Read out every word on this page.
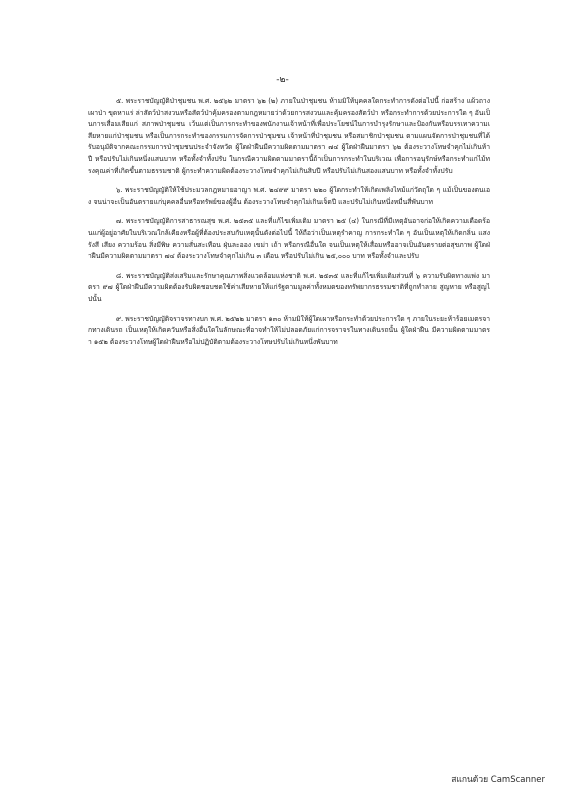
-๒-

๕. พระราชบัญญัติป่าชุมชน พ.ศ. ๒๕๖๒ มาตรา ๖๒ (๒) ภายในป่าชุมชน ห้ามมิให้บุคคลใดกระทำการดังต่อไปนี้ ก่อสร้าง แผ้วถาง เผาป่า ขุดหาแร่ ล่าสัตว์ป่าสงวนหรือสัตว์ป่าคุ้มครองตามกฎหมายว่าด้วยการสงวนและคุ้มครองสัตว์ป่า หรือกระทำการด้วยประการใด ๆ อันเป็นการเสื่อมเสียแก่ สภาพป่าชุมชน เว้นแต่เป็นการกระทำของพนักงานเจ้าหน้าที่เพื่อประโยชน์ในการบำรุงรักษาและป้องกันหรือบรรเทาความเสียหายแก่ป่าชุมชน หรือเป็นการกระทำของกรรมการจัดการป่าชุมชน เจ้าหน้าที่ป่าชุมชน หรือสมาชิกป่าชุมชน ตามแผนจัดการป่าชุมชนที่ได้รับอนุมัติจากคณะกรรมการป่าชุมชนประจำจังหวัด ผู้ใดฝ่าฝืนมีความผิดตามมาตรา ๗๔ ผู้ใดฝ่าฝืนมาตรา ๖๒ ต้องระวางโทษจำคุกไม่เกินห้าปี หรือปรับไม่เกินหนึ่งแสนบาท หรือทั้งจำทั้งปรับ ในกรณีความผิดตามมาตรานี้ถ้าเป็นการกระทำในบริเวณ เพื่อการอนุรักษ์หรือกระทำแก่ไม้ทรงคุณค่าที่เกิดขึ้นตามธรรมชาติ ผู้กระทำความผิดต้องระวางโทษจำคุกไม่เกินสิบปี หรือปรับไม่เกินสองแสนบาท หรือทั้งจำทั้งปรับ

๖. พระราชบัญญัติให้ใช้ประมวลกฎหมายอาญา พ.ศ. ๒๔๙๙ มาตรา ๒๒๐ ผู้ใดกระทำให้เกิดเพลิงไหม้แก่วัตถุใด ๆ แม้เป็นของตนเอง จนน่าจะเป็นอันตรายแก่บุคคลอื่นหรือทรัพย์ของผู้อื่น ต้องระวางโทษจำคุกไม่เกินเจ็ดปี และปรับไม่เกินหนึ่งหมื่นสี่พันบาท

๗. พระราชบัญญัติการสาธารณสุข พ.ศ. ๒๕๓๕ และที่แก้ไขเพิ่มเติม มาตรา ๒๕ (๔) ในกรณีที่มีเหตุอันอาจก่อให้เกิดความเดือดร้อนแก่ผู้อยู่อาศัยในบริเวณใกล้เคียงหรือผู้ที่ต้องประสบกับเหตุนั้นดังต่อไปนี้ ให้ถือว่าเป็นเหตุรำคาญ การกระทำใด ๆ อันเป็นเหตุให้เกิดกลิ่น แสง รังสี เสียง ความร้อน สิ่งมีพิษ ความสั่นสะเทือน ฝุ่นละออง เขม่า เถ้า หรือกรณีอื่นใด จนเป็นเหตุให้เสื่อมหรืออาจเป็นอันตรายต่อสุขภาพ ผู้ใดฝ่าฝืนมีความผิดตามมาตรา ๗๔ ต้องระวางโทษจำคุกไม่เกิน ๓ เดือน หรือปรับไม่เกิน ๒๕,๐๐๐ บาท หรือทั้งจำและปรับ

๘. พระราชบัญญัติส่งเสริมและรักษาคุณภาพสิ่งแวดล้อมแห่งชาติ พ.ศ. ๒๕๓๕ และที่แก้ไขเพิ่มเติมส่วนที่ ๖ ความรับผิดทางแพ่ง มาตรา ๙๗ ผู้ใดฝ่าฝืนมีความผิดต้องรับผิดชอบชดใช้ค่าเสียหายให้แก่รัฐตามมูลค่าทั้งหมดของทรัพยากรธรรมชาติที่ถูกทำลาย สูญหาย หรือสูญไปนั้น

๙. พระราชบัญญัติจราจรทางบก พ.ศ. ๒๕๒๒ มาตรา ๑๓๐ ห้ามมิให้ผู้ใดเผาหรือกระทำด้วยประการใด ๆ ภายในระยะห้าร้อยเมตรจากทางเดินรถ เป็นเหตุให้เกิดควันหรือสิ่งอื่นใดในลักษณะที่อาจทำให้ไม่ปลอดภัยแก่การจราจรในทางเดินรถนั้น ผู้ใดฝ่าฝืน มีความผิดตามมาตรา ๑๕๒ ต้องระวางโทษผู้ใดฝ่าฝืนหรือไม่ปฏิบัติตามต้องระวางโทษปรับไม่เกินหนึ่งพันบาท

สแกนด้วย CamScanner
